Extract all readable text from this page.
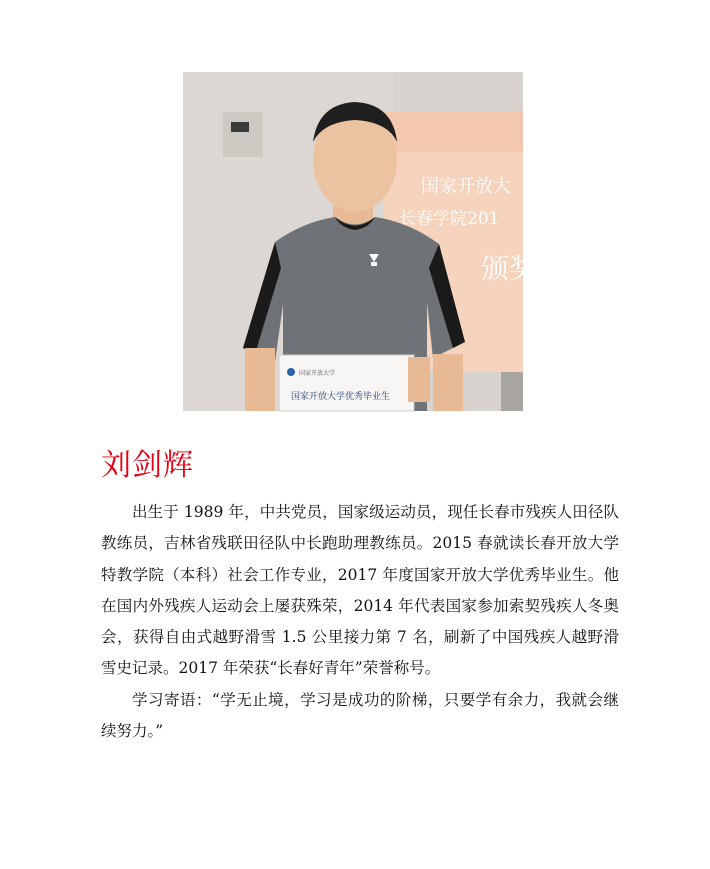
国家开放大
长春学院201
颁奖
国家开放大学
国家开放大学优秀毕业生
刘剑辉

出生于 1989 年，中共党员，国家级运动员，现任长春市残疾人田径队教练员，吉林省残联田径队中长跑助理教练员。2015 春就读长春开放大学特教学院（本科）社会工作专业，2017 年度国家开放大学优秀毕业生。他在国内外残疾人运动会上屡获殊荣，2014 年代表国家参加索契残疾人冬奥会，获得自由式越野滑雪 1.5 公里接力第 7 名，刷新了中国残疾人越野滑雪史记录。2017 年荣获“长春好青年”荣誉称号。

学习寄语：“学无止境，学习是成功的阶梯，只要学有余力，我就会继续努力。”
